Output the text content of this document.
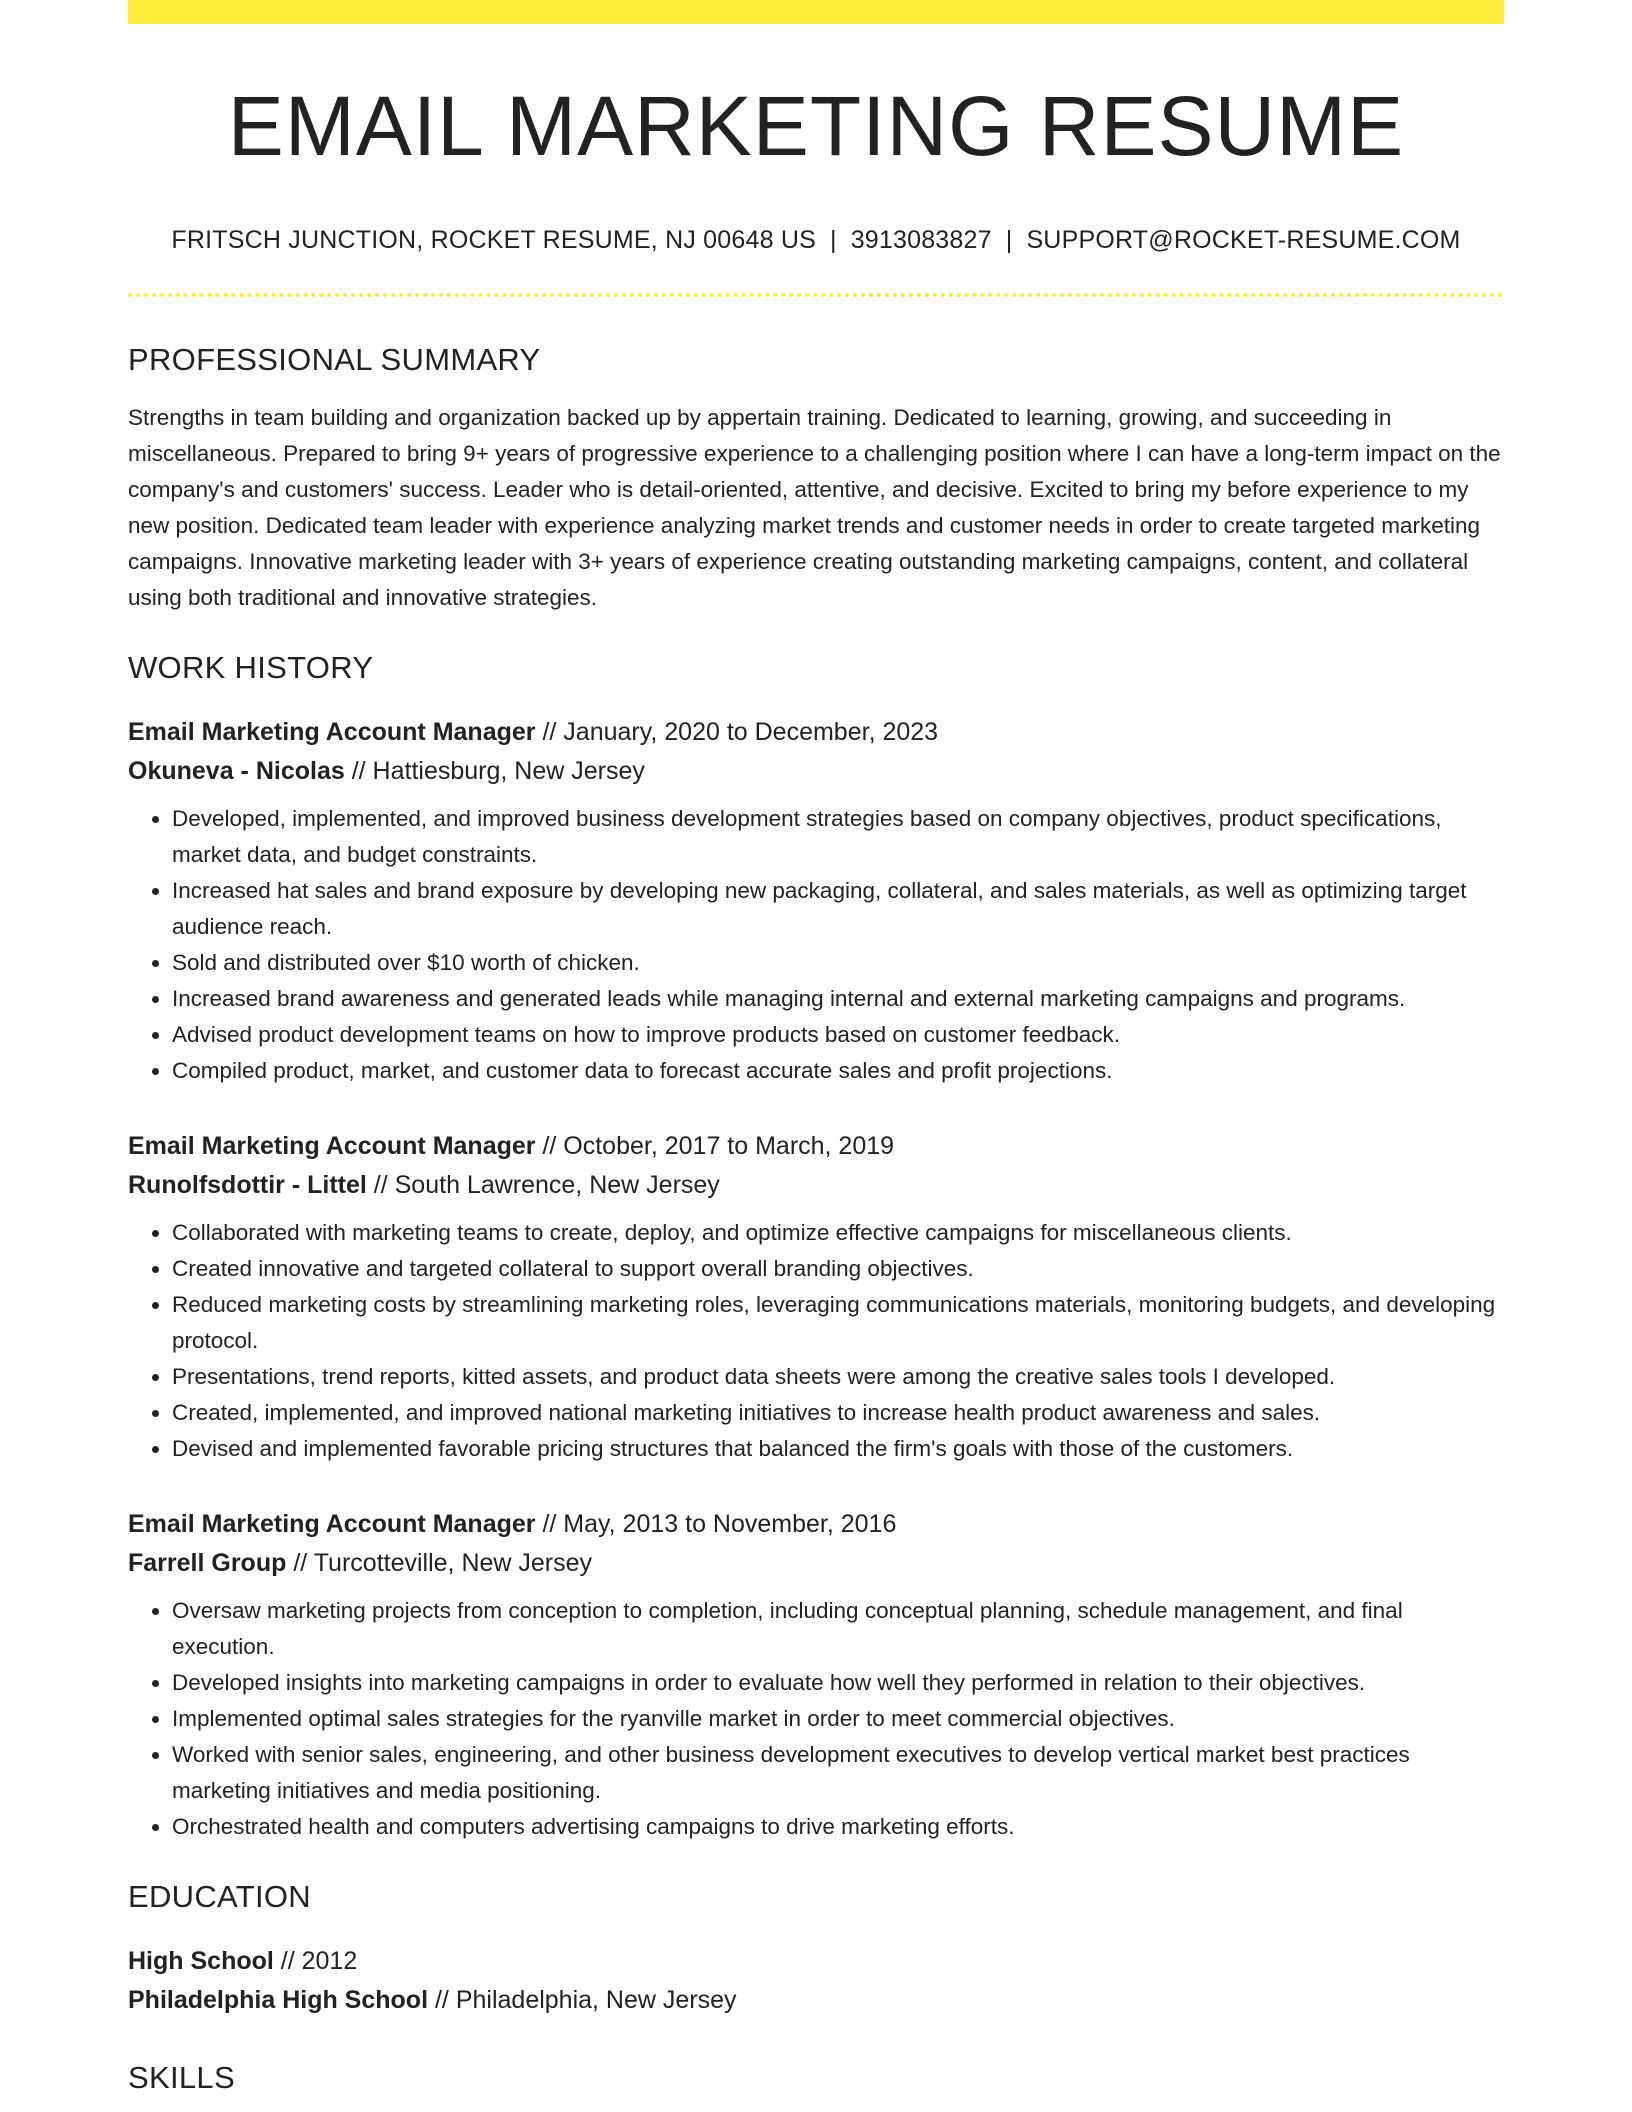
EMAIL MARKETING RESUME
FRITSCH JUNCTION, ROCKET RESUME, NJ 00648 US | 3913083827 | SUPPORT@ROCKET-RESUME.COM
PROFESSIONAL SUMMARY

Strengths in team building and organization backed up by appertain training. Dedicated to learning, growing, and succeeding in miscellaneous. Prepared to bring 9+ years of progressive experience to a challenging position where I can have a long-term impact on the company's and customers' success. Leader who is detail-oriented, attentive, and decisive. Excited to bring my before experience to my new position. Dedicated team leader with experience analyzing market trends and customer needs in order to create targeted marketing campaigns. Innovative marketing leader with 3+ years of experience creating outstanding marketing campaigns, content, and collateral using both traditional and innovative strategies.

WORK HISTORY
Email Marketing Account Manager // January, 2020 to December, 2023
Okuneva - Nicolas // Hattiesburg, New Jersey
• Developed, implemented, and improved business development strategies based on company objectives, product specifications, market data, and budget constraints.
• Increased hat sales and brand exposure by developing new packaging, collateral, and sales materials, as well as optimizing target audience reach.
• Sold and distributed over $10 worth of chicken.
• Increased brand awareness and generated leads while managing internal and external marketing campaigns and programs.
• Advised product development teams on how to improve products based on customer feedback.
• Compiled product, market, and customer data to forecast accurate sales and profit projections.
Email Marketing Account Manager // October, 2017 to March, 2019
Runolfsdottir - Littel // South Lawrence, New Jersey
• Collaborated with marketing teams to create, deploy, and optimize effective campaigns for miscellaneous clients.
• Created innovative and targeted collateral to support overall branding objectives.
• Reduced marketing costs by streamlining marketing roles, leveraging communications materials, monitoring budgets, and developing protocol.
• Presentations, trend reports, kitted assets, and product data sheets were among the creative sales tools I developed.
• Created, implemented, and improved national marketing initiatives to increase health product awareness and sales.
• Devised and implemented favorable pricing structures that balanced the firm's goals with those of the customers.
Email Marketing Account Manager // May, 2013 to November, 2016
Farrell Group // Turcotteville, New Jersey
• Oversaw marketing projects from conception to completion, including conceptual planning, schedule management, and final execution.
• Developed insights into marketing campaigns in order to evaluate how well they performed in relation to their objectives.
• Implemented optimal sales strategies for the ryanville market in order to meet commercial objectives.
• Worked with senior sales, engineering, and other business development executives to develop vertical market best practices marketing initiatives and media positioning.
• Orchestrated health and computers advertising campaigns to drive marketing efforts.
EDUCATION
High School // 2012
Philadelphia High School // Philadelphia, New Jersey
SKILLS
